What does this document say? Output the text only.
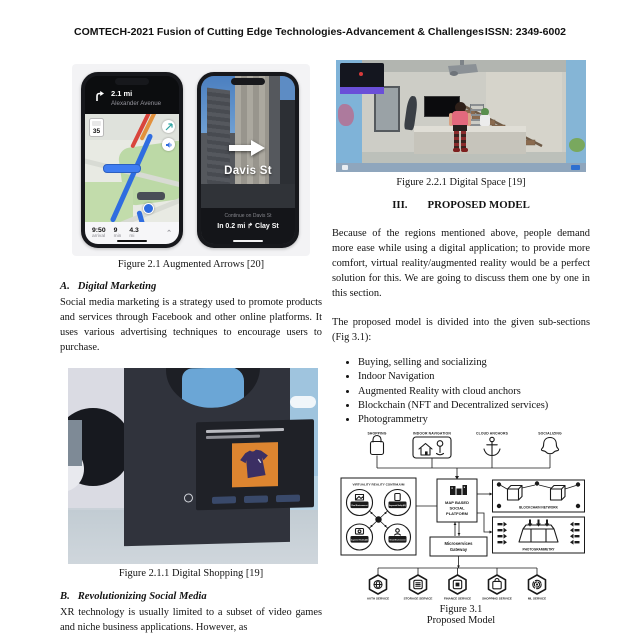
COMTECH-2021 Fusion of Cutting Edge Technologies-Advancement & Challenges ISSN: 2349-6002
2.1 mi
Alexander Avenue
35
9:50
arrival
9
min
4.3
mi	⌃
Davis St
Continue on Davis St
In 0.2 mi ↱ Clay St
Figure 2.1 Augmented Arrows [20]
A. Digital Marketing
Social media marketing is a strategy used to promote products and services through Facebook and other online platforms. It uses various advertising techniques to encourage users to purchase.
Figure 2.1.1 Digital Shopping [19]
B. Revolutionizing Social Media
XR technology is usually limited to a subset of video games and niche business applications. However, as
Figure 2.2.1 Digital Space [19]
III. PROPOSED MODEL
Because of the regions mentioned above, people demand more ease while using a digital application; to provide more comfort, virtual reality/augmented reality would be a perfect solution for this. We are going to discuss them one by one in this section.
The proposed model is divided into the given sub-sections (Fig 3.1):
• Buying, selling and socializing
• Indoor Navigation
• Augmented Reality with cloud anchors
• Blockchain (NFT and Decentralized services)
• Photogrammetry
SHOPPING	INDOOR NAVIGATION	CLOUD ANCHORS	SOCIALIZING
VIRTUALITY REALITY CONTINUUM
Real Environment	Augmented Reality (AR)
Augmented Virtuality (AV)	Virtual Environment
MAP BASED
SOCIAL
PLATFORM
BLOCKCHAIN NETWORK
PHOTOGRAMMETRY
Microservices
Gateway
AUTH SERVICE	STORAGE SERVICE	FINANCE SERVICE	SHOPPING SERVICE	ML SERVICE
Figure 3.1
Proposed Model
